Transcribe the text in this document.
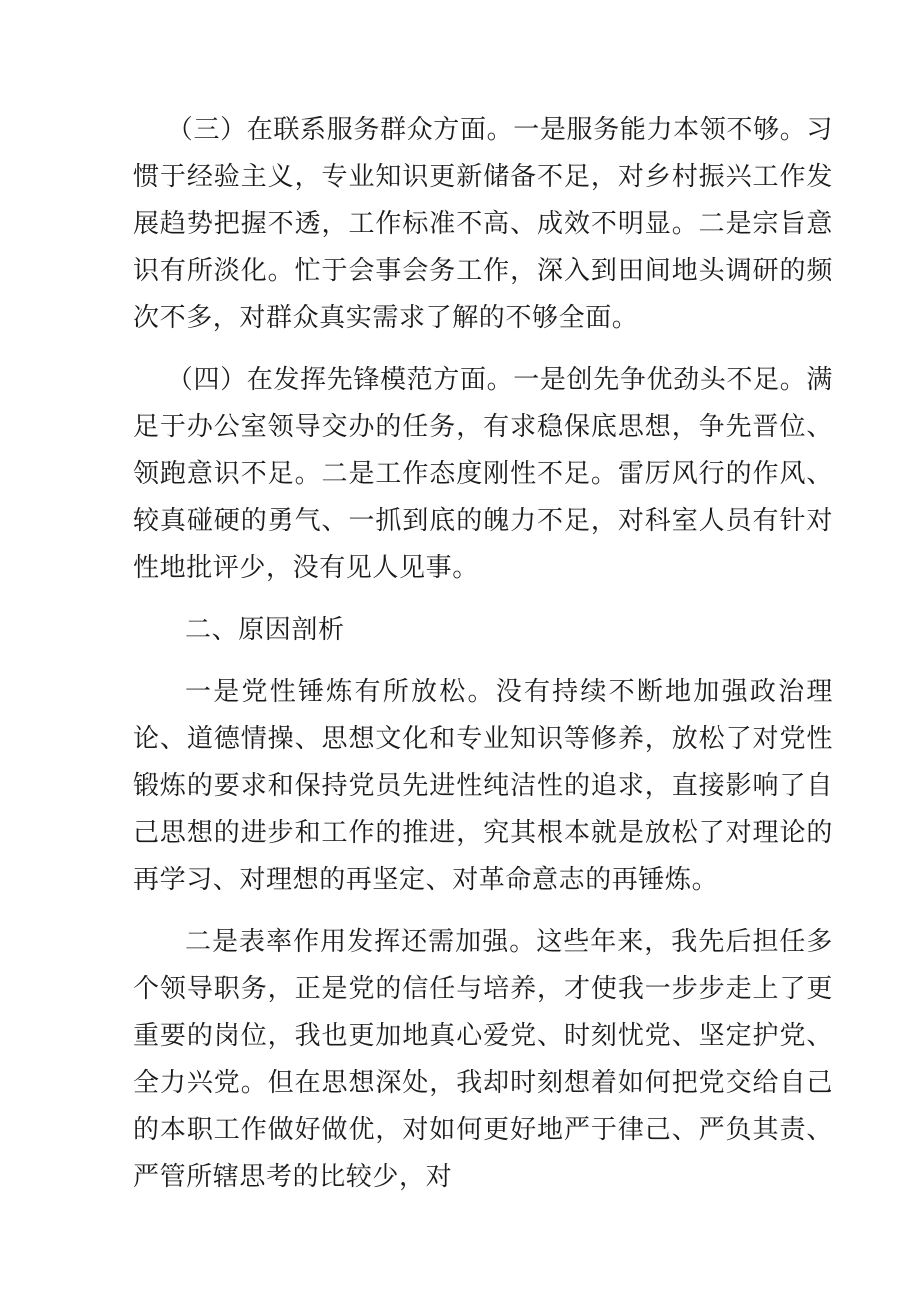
（三）在联系服务群众方面。一是服务能力本领不够。习惯于经验主义，专业知识更新储备不足，对乡村振兴工作发展趋势把握不透，工作标准不高、成效不明显。二是宗旨意识有所淡化。忙于会事会务工作，深入到田间地头调研的频次不多，对群众真实需求了解的不够全面。

（四）在发挥先锋模范方面。一是创先争优劲头不足。满足于办公室领导交办的任务，有求稳保底思想，争先晋位、领跑意识不足。二是工作态度刚性不足。雷厉风行的作风、较真碰硬的勇气、一抓到底的魄力不足，对科室人员有针对性地批评少，没有见人见事。

二、原因剖析

一是党性锤炼有所放松。没有持续不断地加强政治理论、道德情操、思想文化和专业知识等修养，放松了对党性锻炼的要求和保持党员先进性纯洁性的追求，直接影响了自己思想的进步和工作的推进，究其根本就是放松了对理论的再学习、对理想的再坚定、对革命意志的再锤炼。

二是表率作用发挥还需加强。这些年来，我先后担任多个领导职务，正是党的信任与培养，才使我一步步走上了更重要的岗位，我也更加地真心爱党、时刻忧党、坚定护党、全力兴党。但在思想深处，我却时刻想着如何把党交给自己的本职工作做好做优，对如何更好地严于律己、严负其责、严管所辖思考的比较少，对
